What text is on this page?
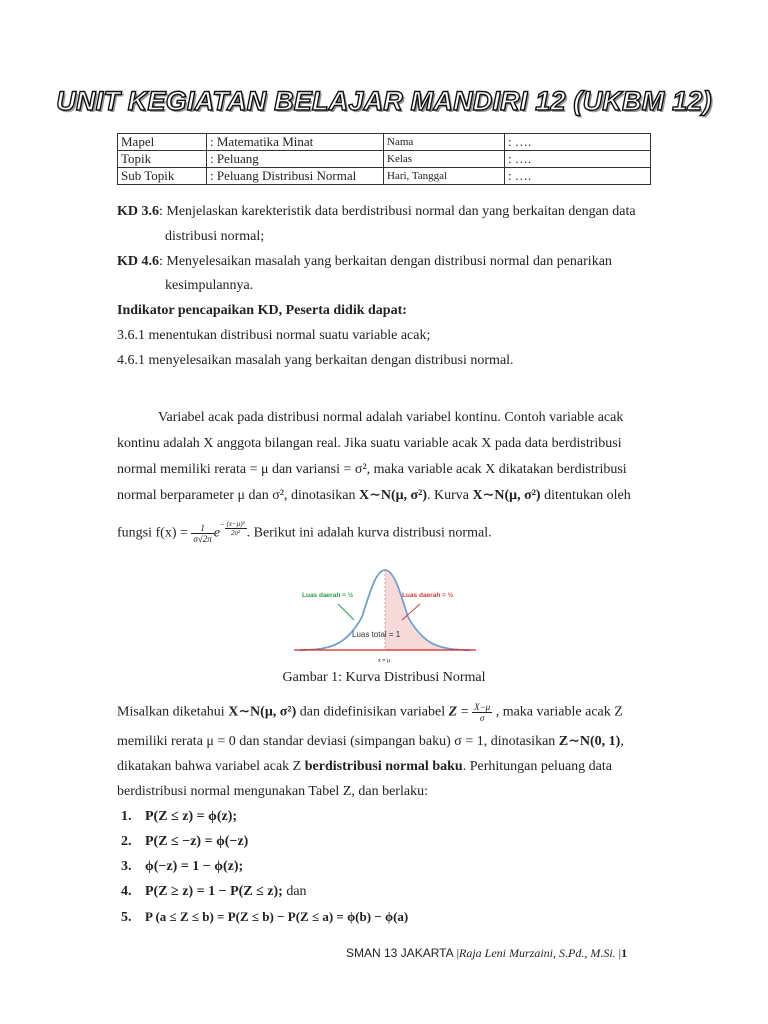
UNIT KEGIATAN BELAJAR MANDIRI 12 (UKBM 12)
Mapel	: Matematika Minat	Nama	: ….
Topik	: Peluang	Kelas	: ….
Sub Topik	: Peluang Distribusi Normal	Hari, Tanggal	: ….
KD 3.6: Menjelaskan karekteristik data berdistribusi normal dan yang berkaitan dengan data
distribusi normal;
KD 4.6: Menyelesaikan masalah yang berkaitan dengan distribusi normal dan penarikan
kesimpulannya.
Indikator pencapaikan KD, Peserta didik dapat:
3.6.1 menentukan distribusi normal suatu variable acak;
4.6.1 menyelesaikan masalah yang berkaitan dengan distribusi normal.
Variabel acak pada distribusi normal adalah variabel kontinu. Contoh variable acak
kontinu adalah X anggota bilangan real. Jika suatu variable acak X pada data berdistribusi
normal memiliki rerata = μ dan variansi = σ², maka variable acak X dikatakan berdistribusi
normal berparameter μ dan σ², dinotasikan X∼N(μ, σ²). Kurva X∼N(μ, σ²) ditentukan oleh
fungsi $f(x) = \frac{1}{\sigma√2\pi} e^{- \frac{\text{(x−μ)²}}{\text{2σ²}}}$ . Berikut ini adalah kurva distribusi normal.
Luas daerah = ½	Luas daerah = ½
Luas total = 1
x = μ
Gambar 1: Kurva Distribusi Normal
Misalkan diketahui X∼N(μ, σ²) dan didefinisikan variabel $Z = \frac{X-\mu}{\sigma}$ , maka variable acak Z
memiliki rerata μ = 0 dan standar deviasi (simpangan baku) σ = 1, dinotasikan Z∼N(0, 1),
dikatakan bahwa variabel acak Z berdistribusi normal baku. Perhitungan peluang data
berdistribusi normal mengunakan Tabel Z, dan berlaku:
1. P(Z ≤ z) = ϕ(z);
2. P(Z ≤ −z) = ϕ(−z)
3. ϕ(−z) = 1 − ϕ(z);
4. P(Z ≥ z) = 1 − P(Z ≤ z); dan
5. P (a ≤ Z ≤ b) = P(Z ≤ b) − P(Z ≤ a) = ϕ(b) − ϕ(a)
SMAN 13 JAKARTA |Raja Leni Murzaini, S.Pd., M.Si. |1
